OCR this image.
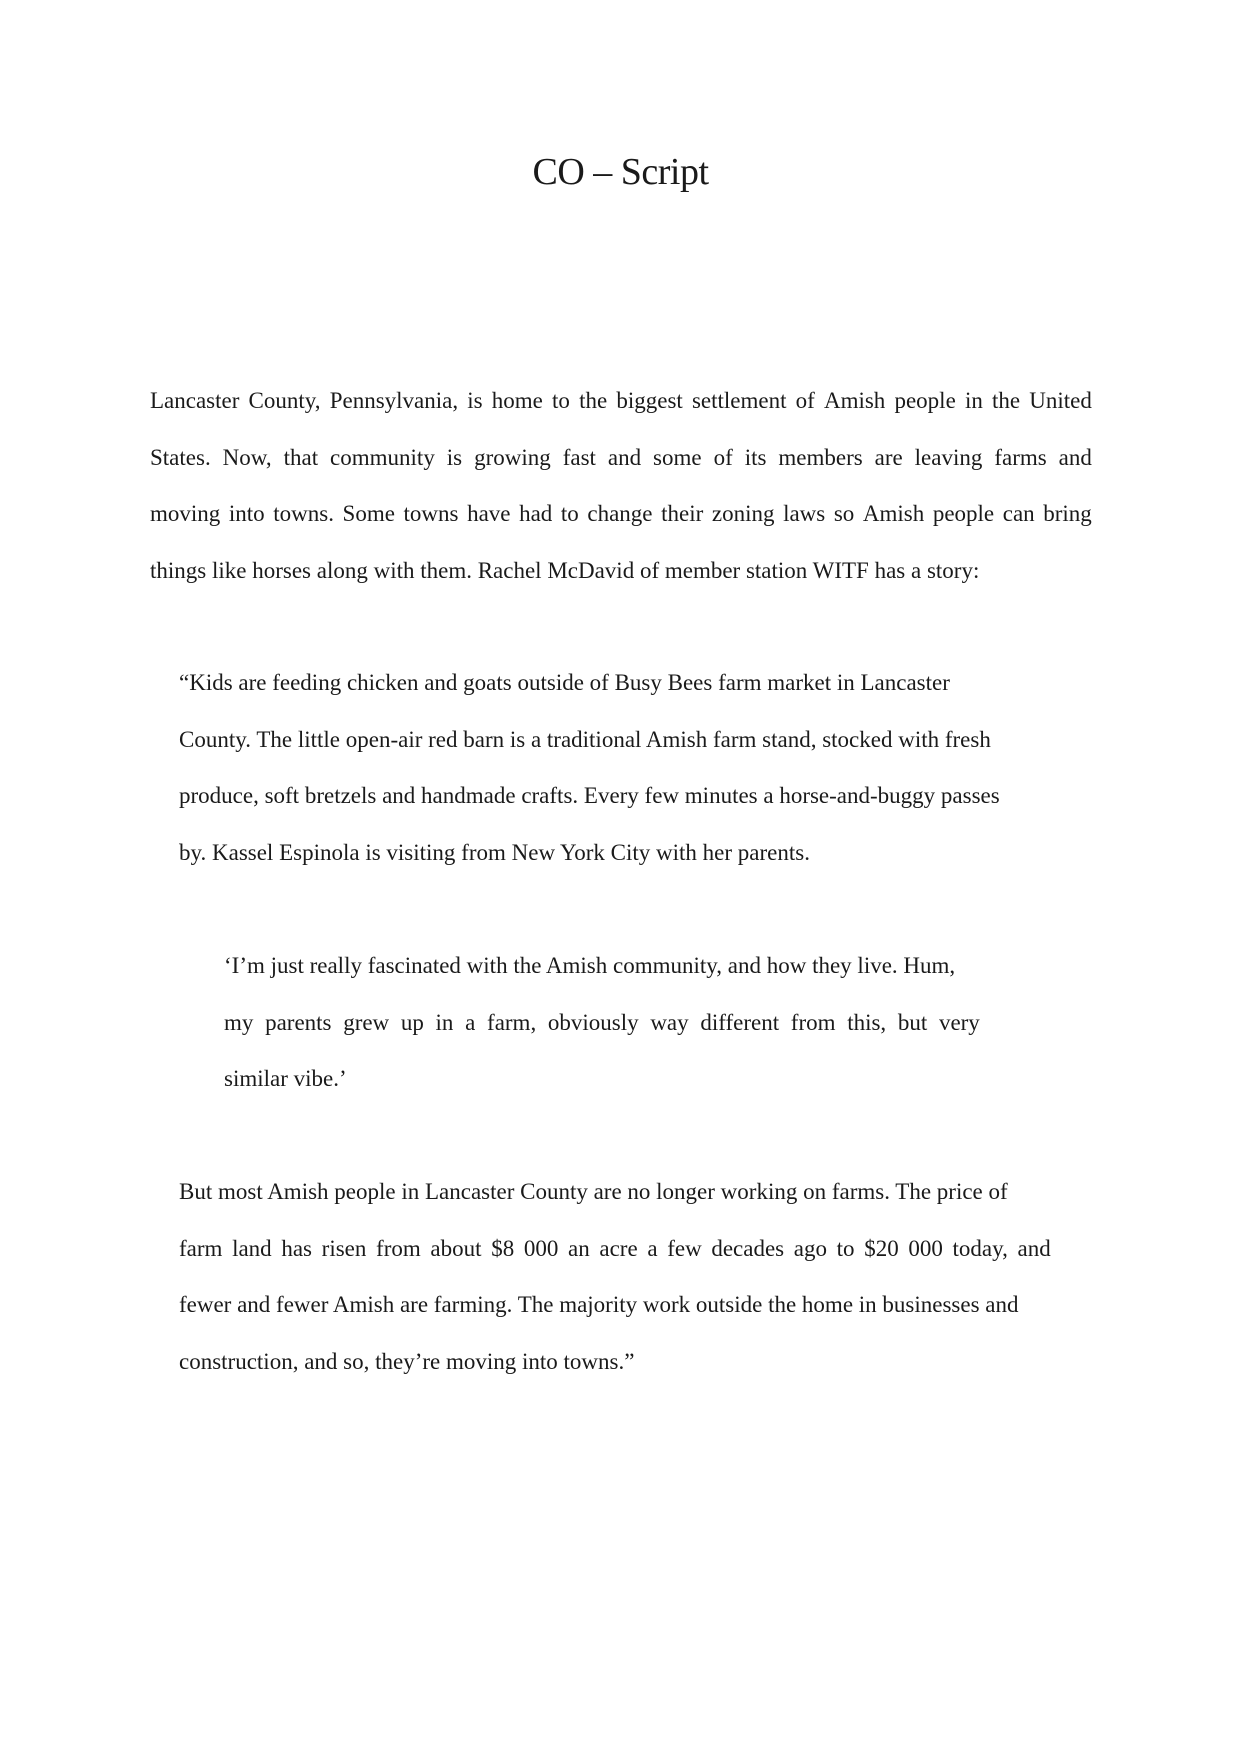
CO – Script

Lancaster County, Pennsylvania, is home to the biggest settlement of Amish people in the United
States. Now, that community is growing fast and some of its members are leaving farms and
moving into towns. Some towns have had to change their zoning laws so Amish people can bring
things like horses along with them. Rachel McDavid of member station WITF has a story:

“Kids are feeding chicken and goats outside of Busy Bees farm market in Lancaster
County. The little open-air red barn is a traditional Amish farm stand, stocked with fresh
produce, soft bretzels and handmade crafts. Every few minutes a horse-and-buggy passes
by. Kassel Espinola is visiting from New York City with her parents.

‘I’m just really fascinated with the Amish community, and how they live. Hum,
my parents grew up in a farm, obviously way different from this, but very
similar vibe.’

But most Amish people in Lancaster County are no longer working on farms. The price of
farm land has risen from about $8 000 an acre a few decades ago to $20 000 today, and
fewer and fewer Amish are farming. The majority work outside the home in businesses and
construction, and so, they’re moving into towns.”
